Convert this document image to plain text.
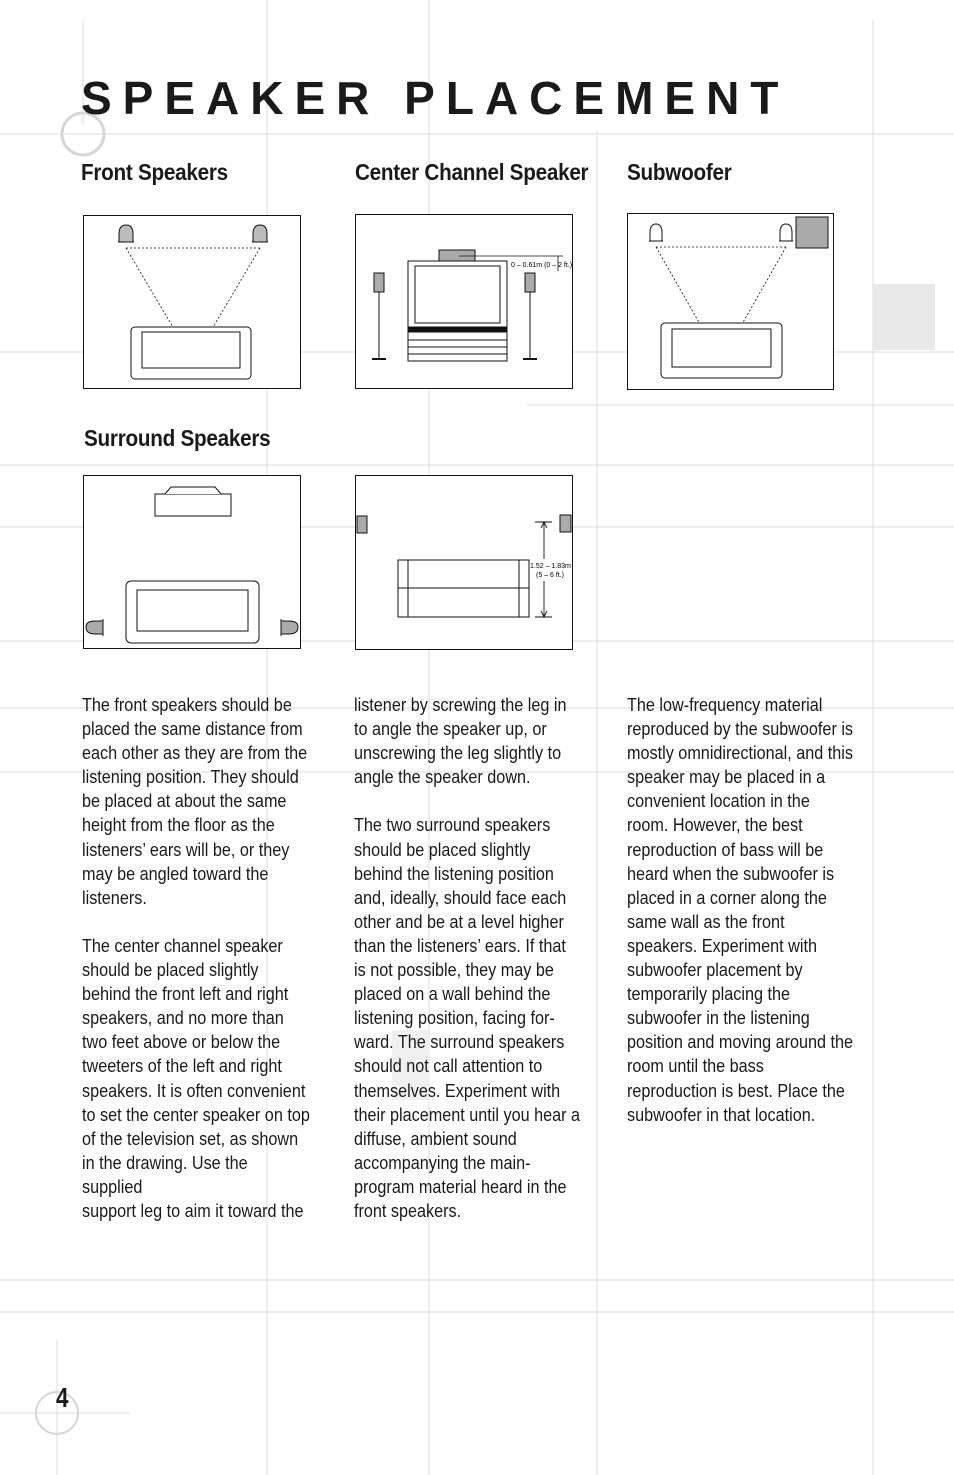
SPEAKER PLACEMENT
Front Speakers	Center Channel Speaker Subwoofer
Surround Speakers
0 – 0.61m (0 – 2 ft.)
1.52 – 1.83m
(5 – 6 ft.)

The front speakers should be
placed the same distance from
each other as they are from the
listening position. They should
be placed at about the same
height from the floor as the
listeners’ ears will be, or they
may be angled toward the
listeners.

The center channel speaker
should be placed slightly
behind the front left and right
speakers, and no more than
two feet above or below the
tweeters of the left and right
speakers. It is often convenient
to set the center speaker on top
of the television set, as shown
in the drawing. Use the
supplied
support leg to aim it toward the

listener by screwing the leg in
to angle the speaker up, or
unscrewing the leg slightly to
angle the speaker down.

The two surround speakers
should be placed slightly
behind the listening position
and, ideally, should face each
other and be at a level higher
than the listeners’ ears. If that
is not possible, they may be
placed on a wall behind the
listening position, facing for-
ward. The surround speakers
should not call attention to
themselves. Experiment with
their placement until you hear a
diffuse, ambient sound
accompanying the main-
program material heard in the
front speakers.

The low-frequency material
reproduced by the subwoofer is
mostly omnidirectional, and this
speaker may be placed in a
convenient location in the
room. However, the best
reproduction of bass will be
heard when the subwoofer is
placed in a corner along the
same wall as the front
speakers. Experiment with
subwoofer placement by
temporarily placing the
subwoofer in the listening
position and moving around the
room until the bass
reproduction is best. Place the
subwoofer in that location.

4
